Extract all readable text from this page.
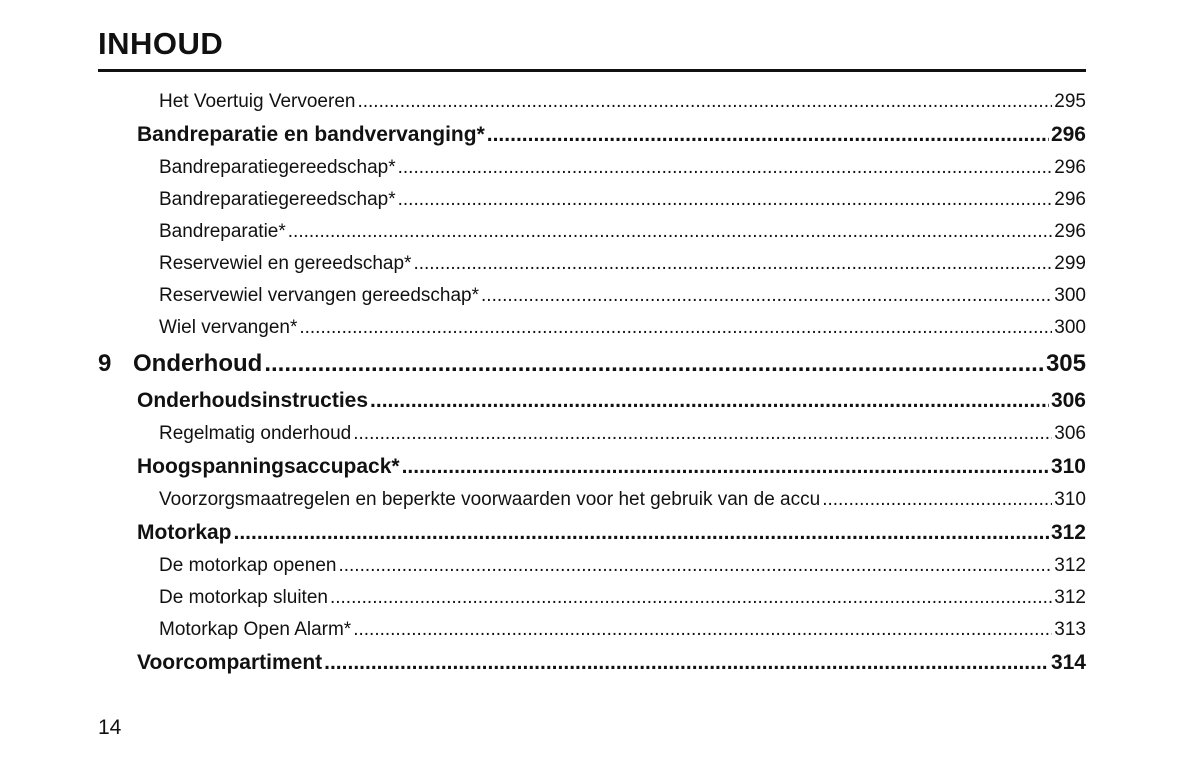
INHOUD
Het Voertuig Vervoeren .....	295
Bandreparatie en bandvervanging* .....	296
Bandreparatiegereedschap* .....	296
Bandreparatiegereedschap* .....	296
Bandreparatie* .....	296
Reservewiel en gereedschap* .....	299
Reservewiel vervangen gereedschap* .....	300
Wiel vervangen* .....	300
9 Onderhoud .....	305
Onderhoudsinstructies .....	306
Regelmatig onderhoud .....	306
Hoogspanningsaccupack* .....	310
Voorzorgsmaatregelen en beperkte voorwaarden voor het gebruik van de accu .....	310
Motorkap .....	312
De motorkap openen .....	312
De motorkap sluiten .....	312
Motorkap Open Alarm* .....	313
Voorcompartiment .....	314
14
